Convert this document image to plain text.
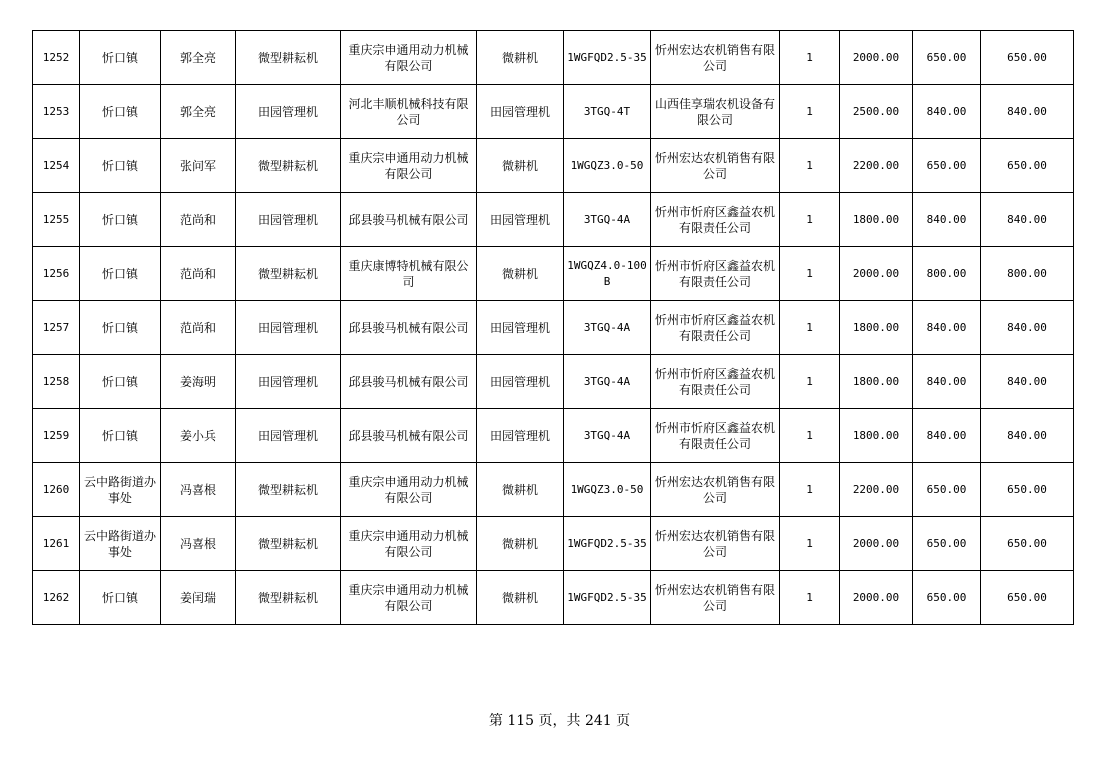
1252	忻口镇	郭全亮	微型耕耘机	重庆宗申通用动力机械有限公司	微耕机	1WGFQD2.5-35	忻州宏达农机销售有限公司	1	2000.00	650.00	650.00
1253	忻口镇	郭全亮	田园管理机	河北丰顺机械科技有限公司	田园管理机	3TGQ-4T	山西佳享瑞农机设备有限公司	1	2500.00	840.00	840.00
1254	忻口镇	张问军	微型耕耘机	重庆宗申通用动力机械有限公司	微耕机	1WGQZ3.0-50	忻州宏达农机销售有限公司	1	2200.00	650.00	650.00
1255	忻口镇	范尚和	田园管理机	邱县骏马机械有限公司	田园管理机	3TGQ-4A	忻州市忻府区鑫益农机有限责任公司	1	1800.00	840.00	840.00
1256	忻口镇	范尚和	微型耕耘机	重庆康博特机械有限公司	微耕机	1WGQZ4.0-100B	忻州市忻府区鑫益农机有限责任公司	1	2000.00	800.00	800.00
1257	忻口镇	范尚和	田园管理机	邱县骏马机械有限公司	田园管理机	3TGQ-4A	忻州市忻府区鑫益农机有限责任公司	1	1800.00	840.00	840.00
1258	忻口镇	姜海明	田园管理机	邱县骏马机械有限公司	田园管理机	3TGQ-4A	忻州市忻府区鑫益农机有限责任公司	1	1800.00	840.00	840.00
1259	忻口镇	姜小兵	田园管理机	邱县骏马机械有限公司	田园管理机	3TGQ-4A	忻州市忻府区鑫益农机有限责任公司	1	1800.00	840.00	840.00
1260	云中路街道办事处	冯喜根	微型耕耘机	重庆宗申通用动力机械有限公司	微耕机	1WGQZ3.0-50	忻州宏达农机销售有限公司	1	2200.00	650.00	650.00
1261	云中路街道办事处	冯喜根	微型耕耘机	重庆宗申通用动力机械有限公司	微耕机	1WGFQD2.5-35	忻州宏达农机销售有限公司	1	2000.00	650.00	650.00
1262	忻口镇	姜闰瑞	微型耕耘机	重庆宗申通用动力机械有限公司	微耕机	1WGFQD2.5-35	忻州宏达农机销售有限公司	1	2000.00	650.00	650.00
第 115 页，共 241 页
